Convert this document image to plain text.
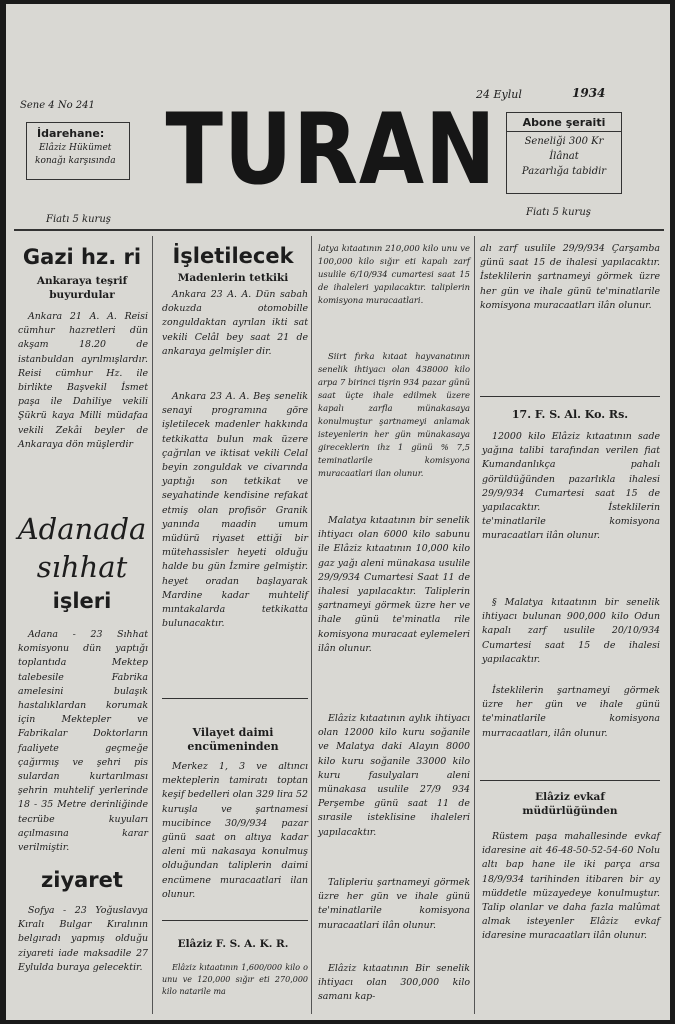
Sene 4 No 241
24 Eylul	1934
İdarehane:
Elâziz Hükümet
konağı karşısında TURAN	Abone şeraiti
Seneliği 300 Kr
İlânat
Pazarlığa tabidir
Fiatı 5 kuruş
Fiatı 5 kuruş
Gazi hz. ri
Ankaraya teşrif
buyurdular

Ankara 21 A. A. Reisi cümhur hazretleri dün akşam 18.20 de istanbuldan ayrılmışlardır. Reisi cümhur Hz. ile birlikte Başvekil İsmet paşa ile Dahiliye vekili Şükrü kaya Milli müdafaa vekili Zekâi beyler de Ankaraya dön müşlerdir

Adanada
sıhhat
işleri

Adana - 23 Sıhhat komisyonu dün yaptığı toplantıda Mektep talebesile Fabrika amelesini bulaşık hastalıklardan korumak için Mektepler ve Fabrikalar Doktorların faaliyete geçmeğe çağırmış ve şehri pis sulardan kurtarılması şehrin muhtelif yerlerinde 18 - 35 Metre derinliğinde tecrübe kuyuları açılmasına karar verilmiştir.

ziyaret

Sofya - 23 Yoğuslavya Kıralı Bulgar Kıralının belgıradı yapmış olduğu ziyareti iade maksadile 27 Eylulda buraya gelecektir.

İşletilecek
Madenlerin tetkiki

Ankara 23 A. A. Dün sabah dokuzda otomobille zonguldaktan ayrılan ikti sat vekili Celâl bey saat 21 de ankaraya gelmişler dir.

Ankara 23 A. A. Beş senelik senayi programına göre işletilecek madenler hakkında tetkikatta bulun mak üzere çağrılan ve iktisat vekili Celal beyin zonguldak ve civarında yaptığı son tetkikat ve seyahatinde kendisine refakat etmiş olan profisör Granik yanında maadin umum müdürü riyaset ettiği bir mütehassisler heyeti olduğu halde bu gün İzmire gelmiştir. heyet oradan başlayarak Mardine kadar muhtelif mıntakalarda tetkikatta bulunacaktır.

Vilayet daimi
encümeninden

Merkez 1, 3 ve altıncı mekteplerin tamiratı toptan keşif bedelleri olan 329 lira 52 kuruşla ve şartnamesi mucibince 30/9/934 pazar günü saat on altıya kadar aleni mü nakasaya konulmuş olduğundan taliplerin daimi encümene muracaatlari ilan olunur.

Elâziz F. S. A. K. R.

Elâziz kıtaatının 1,600/000 kilo o unu ve 120,000 sığır eti 270,000 kilo natarile ma

latya kıtaatının 210,000 kilo unu ve 100,000 kilo sığır eti kapalı zarf usulile 6/10/934 cumartesi saat 15 de ihaleleri yapılacaktır. taliplerin komisyona muracaatlari.

Siirt fırka kıtaat hayvanatının senelik ihtiyacı olan 438000 kilo arpa 7 birinci tişrin 934 pazar günü saat üçte ihale edilmek üzere kapalı zarfla münakasaya konulmuştur şartnameyi anlamak isteyenlerin her gün münakasaya gireceklerin ihz 1 günü % 7,5 teminatlarile komisyona muracaatlari ilan olunur.

Malatya kıtaatının bir senelik ihtiyacı olan 6000 kilo sabunu ile Elâziz kıtaatının 10,000 kilo gaz yağı aleni münakasa usulile 29/9/934 Cumartesi Saat 11 de ihalesi yapılacaktır. Taliplerin şartnameyi görmek üzre her ve ihale günü te'minatla rile komisyona muracaat eylemeleri ilân olunur.

Elâziz kıtaatının aylık ihtiyacı olan 12000 kilo kuru soğanile ve Malatya daki Alayın 8000 kilo kuru soğanile 33000 kilo kuru fasulyaları aleni münakasa usulile 27/9 934 Perşembe günü saat 11 de sırasile isteklisine ihaleleri yapılacaktır.

Talipleriu şartnameyi görmek üzre her gün ve ihale günü te'minatlarile komisyona muracaatlari ilân olunur.

Elâziz kıtaatının Bir senelik ihtiyacı olan 300,000 kilo samanı kap-

alı zarf usulile 29/9/934 Çarşamba günü saat 15 de ihalesi yapılacaktır. İsteklilerin şartnameyi görmek üzre her gün ve ihale günü te'minatlarile komisyona muracaatları ilân olunur.

17. F. S. Al. Ko. Rs.

12000 kilo Elâziz kıtaatının sade yağına talibi tarafından verilen fiat Kumandanlıkça pahalı görüldüğünden pazarlıkla ihalesi 29/9/934 Cumartesi saat 15 de yapılacaktır. İsteklilerin te'minatlarile komisyona muracaatları ilân olunur.

§ Malatya kıtaatının bir senelik ihtiyacı bulunan 900,000 kilo Odun kapalı zarf usulile 20/10/934 Cumartesi saat 15 de ihalesi yapılacaktır.

İsteklilerin şartnameyi görmek üzre her gün ve ihale günü te'minatlarile komisyona murracaatları, ilân olunur.

Elâziz evkaf
müdürlüğünden

Rüstem paşa mahallesinde evkaf idaresine ait 46-48-50-52-54-60 Nolu altı bap hane ile iki parça arsa 18/9/934 tarihinden itibaren bir ay müddetle müzayedeye konulmuştur. Talip olanlar ve daha fazla malûmat almak isteyenler Elâziz evkaf idaresine muracaatları ilân olunur.
